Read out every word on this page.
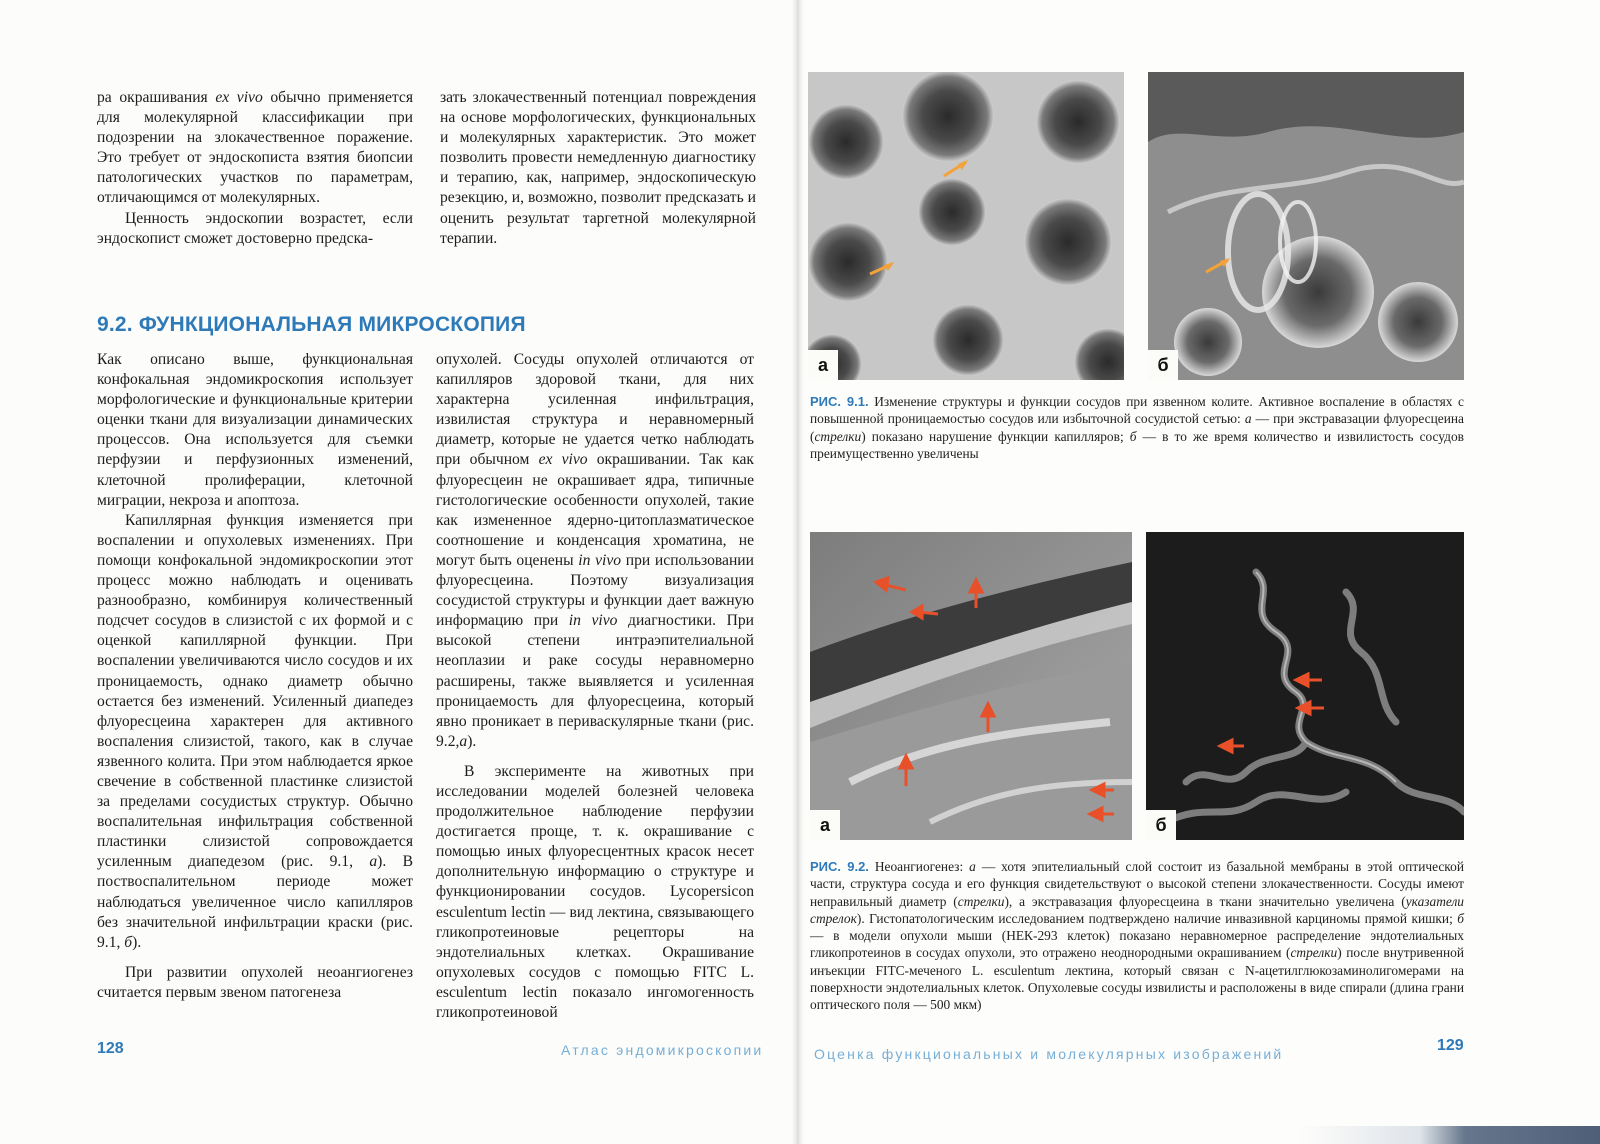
ра окрашивания ex vivo обычно применяется для молекулярной классификации при подозрении на злокачественное поражение. Это требует от эндоскописта взятия биопсии патологических участков по параметрам, отличающимся от молекулярных.

Ценность эндоскопии возрастет, если эндоскопист сможет достоверно предска-

зать злокачественный потенциал повреждения на основе морфологических, функциональных и молекулярных характеристик. Это может позволить провести немедленную диагностику и терапию, как, например, эндоскопическую резекцию, и, возможно, позволит предсказать и оценить результат таргетной молекулярной терапии.

9.2. ФУНКЦИОНАЛЬНАЯ МИКРОСКОПИЯ

Как описано выше, функциональная конфокальная эндомикроскопия использует морфологические и функциональные критерии оценки ткани для визуализации динамических процессов. Она используется для съемки перфузии и перфузионных изменений, клеточной пролиферации, клеточной миграции, некроза и апоптоза.

Капиллярная функция изменяется при воспалении и опухолевых изменениях. При помощи конфокальной эндомикроскопии этот процесс можно наблюдать и оценивать разнообразно, комбинируя количественный подсчет сосудов в слизистой с их формой и с оценкой капиллярной функции. При воспалении увеличиваются число сосудов и их проницаемость, однако диаметр обычно остается без изменений. Усиленный диапедез флуоресцеина характерен для активного воспаления слизистой, такого, как в случае язвенного колита. При этом наблюдается яркое свечение в собственной пластинке слизистой за пределами сосудистых структур. Обычно воспалительная инфильтрация собственной пластинки слизистой сопровождается усиленным диапедезом (рис. 9.1, а). В поствоспалительном периоде может наблюдаться увеличенное число капилляров без значительной инфильтрации краски (рис. 9.1, б).

При развитии опухолей неоангиогенез считается первым звеном патогенеза

опухолей. Сосуды опухолей отличаются от капилляров здоровой ткани, для них характерна усиленная инфильтрация, извилистая структура и неравномерный диаметр, которые не удается четко наблюдать при обычном ex vivo окрашивании. Так как флуоресцеин не окрашивает ядра, типичные гистологические особенности опухолей, такие как измененное ядерно-цитоплазматическое соотношение и конденсация хроматина, не могут быть оценены in vivo при использовании флуоресцеина. Поэтому визуализация сосудистой структуры и функции дает важную информацию при in vivo диагностики. При высокой степени интраэпителиальной неоплазии и раке сосуды неравномерно расширены, также выявляется и усиленная проницаемость для флуоресцеина, который явно проникает в периваскулярные ткани (рис. 9.2,а).

В эксперименте на животных при исследовании моделей болезней человека продолжительное наблюдение перфузии достигается проще, т. к. окрашивание с помощью иных флуоресцентных красок несет дополнительную информацию о структуре и функционировании сосудов. Lycopersicon esculentum lectin — вид лектина, связывающего гликопротеиновые рецепторы на эндотелиальных клетках. Окрашивание опухолевых сосудов с помощью FITC L. esculentum lectin показало ингомогенность гликопротеиновой

128	Атлас эндомикроскопии
а	б

РИС. 9.1. Изменение структуры и функции сосудов при язвенном колите. Активное воспаление в областях с повышенной проницаемостью сосудов или избыточной сосудистой сетью: а — при экстравазации флуоресцеина (стрелки) показано нарушение функции капилляров; б — в то же время количество и извилистость сосудов преимущественно увеличены

а	б

РИС. 9.2. Неоангиогенез: а — хотя эпителиальный слой состоит из базальной мембраны в этой оптической части, структура сосуда и его функция свидетельствуют о высокой степени злокачественности. Сосуды имеют неправильный диаметр (стрелки), а экстравазация флуоресцеина в ткани значительно увеличена (указатели стрелок). Гистопатологическим исследованием подтверждено наличие инвазивной карциномы прямой кишки; б — в модели опухоли мыши (НЕК-293 клеток) показано неравномерное распределение эндотелиальных гликопротеинов в сосудах опухоли, это отражено неоднородными окрашиванием (стрелки) после внутривенной инъекции FITC-меченого L. esculentum лектина, который связан с N-ацетилглюкозаминолигомерами на поверхности эндотелиальных клеток. Опухолевые сосуды извилисты и расположены в виде спирали (длина грани оптического поля — 500 мкм)

Оценка функциональных и молекулярных изображений	129
